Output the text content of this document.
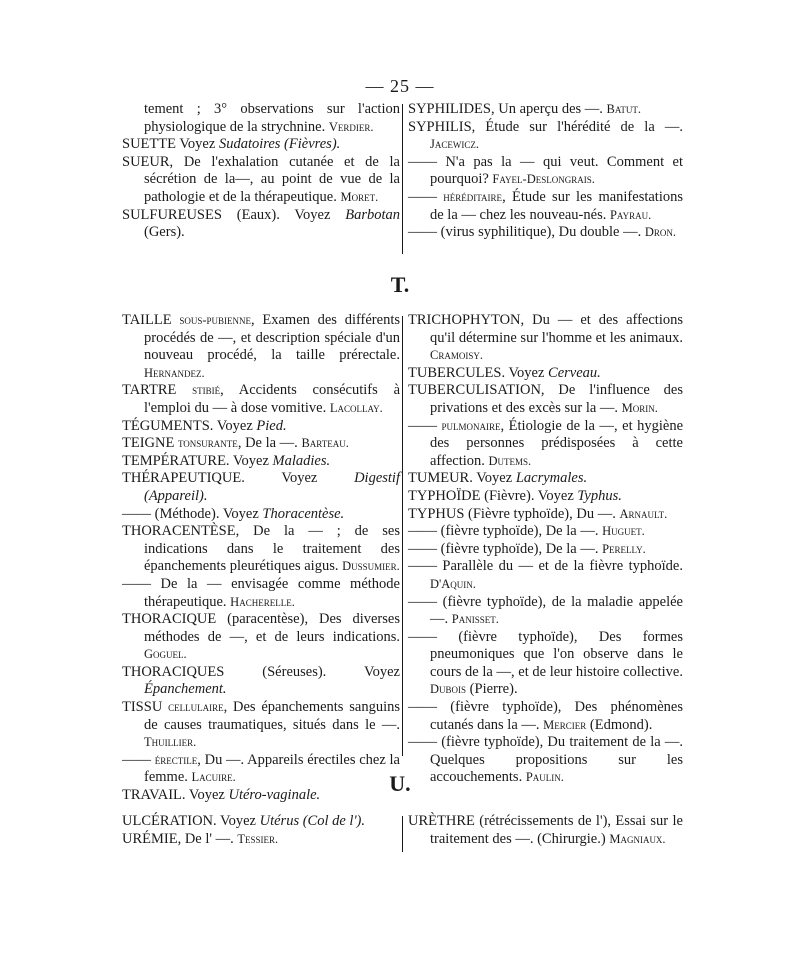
— 25 —
tement ; 3° observations sur l'action physiologique de la strychnine. Verdier.
SUETTE Voyez Sudatoires (Fièvres).
SUEUR, De l'exhalation cutanée et de la sécrétion de la—, au point de vue de la pathologie et de la thérapeutique. Moret.
SULFUREUSES (Eaux). Voyez Barbotan (Gers).
SYPHILIDES, Un aperçu des —. Batut.
SYPHILIS, Étude sur l'hérédité de la —. Jacewicz.
—— N'a pas la — qui veut. Comment et pourquoi? Fayel-Deslongrais.
—— héréditaire, Étude sur les manifestations de la — chez les nouveau-nés. Payrau.
—— (virus syphilitique), Du double —. Dron.
T.
TAILLE sous-pubienne, Examen des différents procédés de —, et description spéciale d'un nouveau procédé, la taille prérectale. Hernandez.
TARTRE stibié, Accidents consécutifs à l'emploi du — à dose vomitive. Lacollay.
TÉGUMENTS. Voyez Pied.
TEIGNE tonsurante, De la —. Barteau.
TEMPÉRATURE. Voyez Maladies.
THÉRAPEUTIQUE. Voyez Digestif (Appareil).
—— (Méthode). Voyez Thoracentèse.
THORACENTÈSE, De la — ; de ses indications dans le traitement des épanchements pleurétiques aigus. Dussumier.
—— De la — envisagée comme méthode thérapeutique. Hacherelle.
THORACIQUE (paracentèse), Des diverses méthodes de —, et de leurs indications. Goguel.
THORACIQUES (Séreuses). Voyez Épanchement.
TISSU cellulaire, Des épanchements sanguins de causes traumatiques, situés dans le —. Thuillier.
—— érectile, Du —. Appareils érectiles chez la femme. Lacuire.
TRAVAIL. Voyez Utéro-vaginale.
TRICHOPHYTON, Du — et des affections qu'il détermine sur l'homme et les animaux. Cramoisy.
TUBERCULES. Voyez Cerveau.
TUBERCULISATION, De l'influence des privations et des excès sur la —. Morin.
—— pulmonaire, Étiologie de la —, et hygiène des personnes prédisposées à cette affection. Dutems.
TUMEUR. Voyez Lacrymales.
TYPHOÏDE (Fièvre). Voyez Typhus.
TYPHUS (Fièvre typhoïde), Du —. Arnault.
—— (fièvre typhoïde), De la —. Huguet.
—— (fièvre typhoïde), De la —. Perelly.
—— Parallèle du — et de la fièvre typhoïde. D'Aquin.
—— (fièvre typhoïde), de la maladie appelée —. Panisset.
—— (fièvre typhoïde), Des formes pneumoniques que l'on observe dans le cours de la —, et de leur histoire collective. Dubois (Pierre).
—— (fièvre typhoïde), Des phénomènes cutanés dans la —. Mercier (Edmond).
—— (fièvre typhoïde), Du traitement de la —. Quelques propositions sur les accouchements. Paulin.
U.
ULCÉRATION. Voyez Utérus (Col de l').
URÉMIE, De l' —. Tessier.
URÈTHRE (rétrécissements de l'), Essai sur le traitement des —. (Chirurgie.) Magniaux.
